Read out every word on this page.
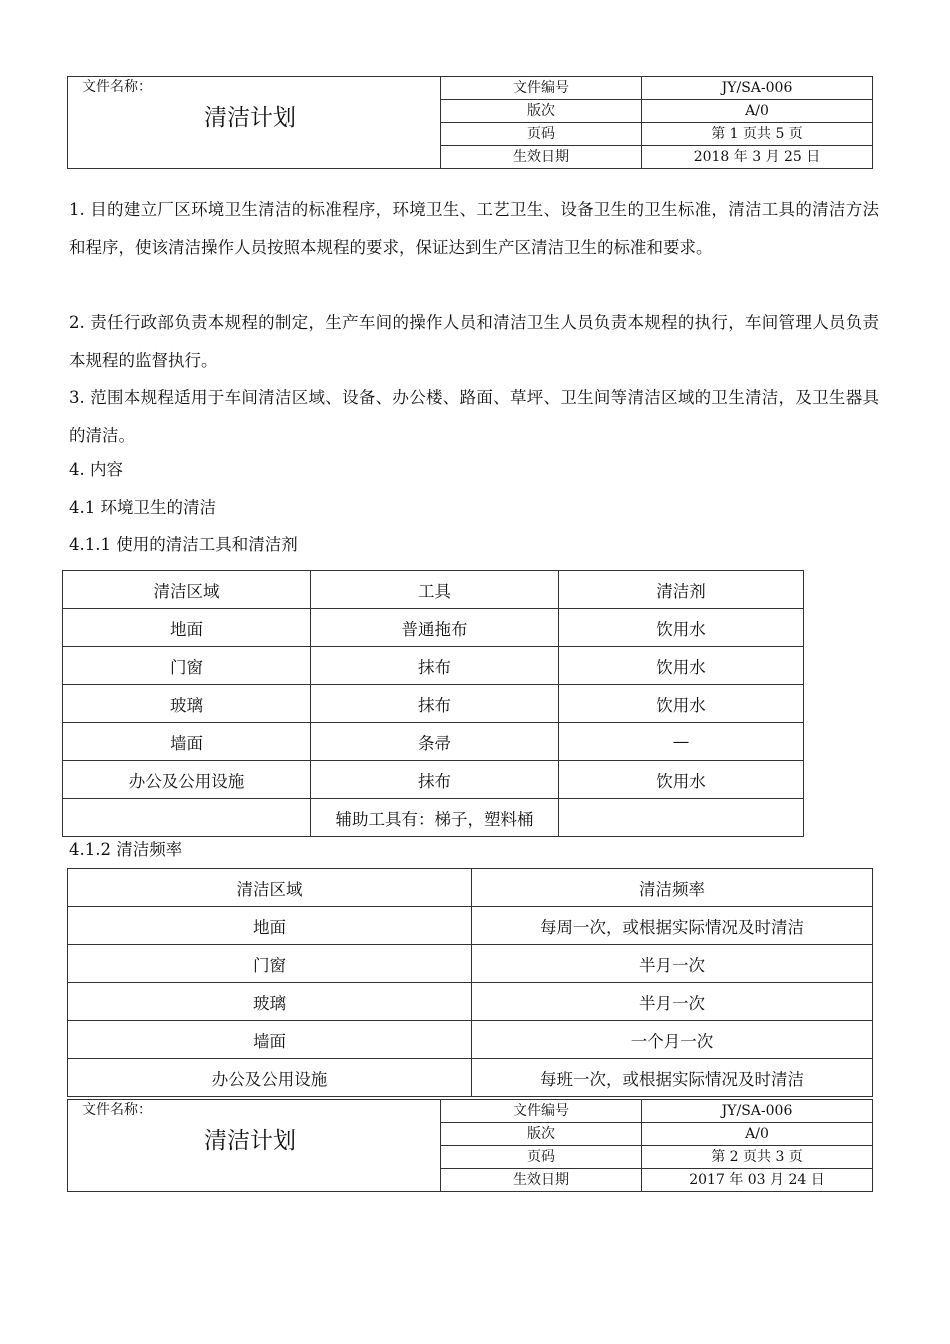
文件名称：
清洁计划	文件编号	JY/SA-006
	版次	A/0
	页码	第 1 页共 5 页
	生效日期	2018 年 3 月 25 日
1. 目的建立厂区环境卫生清洁的标准程序，环境卫生、工艺卫生、设备卫生的卫生标准，清洁工具的清洁方法和程序，使该清洁操作人员按照本规程的要求，保证达到生产区清洁卫生的标准和要求。
2. 责任行政部负责本规程的制定，生产车间的操作人员和清洁卫生人员负责本规程的执行，车间管理人员负责本规程的监督执行。
3. 范围本规程适用于车间清洁区域、设备、办公楼、路面、草坪、卫生间等清洁区域的卫生清洁，及卫生器具的清洁。
4. 内容
4.1 环境卫生的清洁
4.1.1 使用的清洁工具和清洁剂
清洁区域	工具	清洁剂
地面	普通拖布	饮用水
门窗	抹布	饮用水
玻璃	抹布	饮用水
墙面	条帚	—
办公及公用设施	抹布	饮用水
	辅助工具有：梯子，塑料桶	
4.1.2 清洁频率
清洁区域	清洁频率
地面	每周一次，或根据实际情况及时清洁
门窗	半月一次
玻璃	半月一次
墙面	一个月一次
办公及公用设施	每班一次，或根据实际情况及时清洁
文件名称：
清洁计划	文件编号	JY/SA-006
	版次	A/0
	页码	第 2 页共 3 页
	生效日期	2017 年 03 月 24 日
